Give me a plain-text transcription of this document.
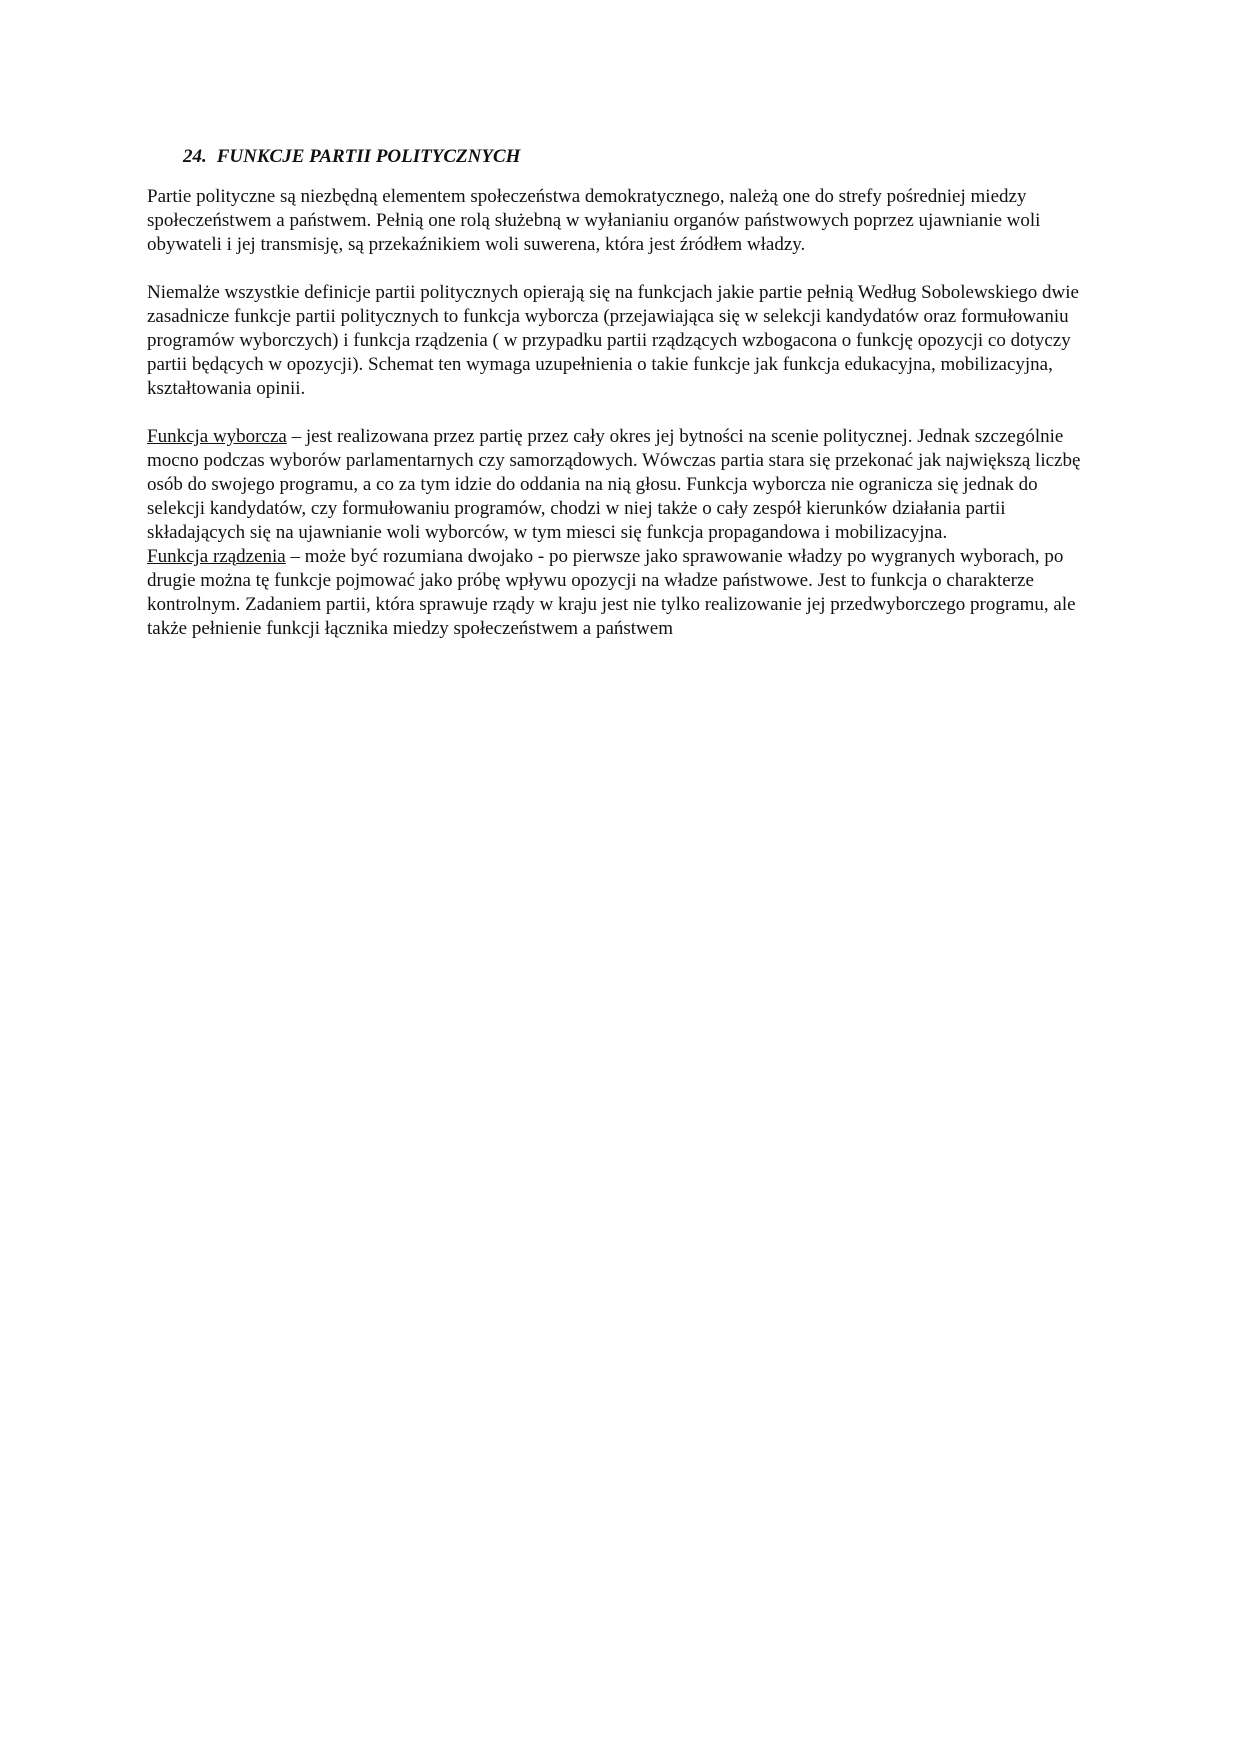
24. FUNKCJE PARTII POLITYCZNYCH

Partie polityczne są niezbędną elementem społeczeństwa demokratycznego, należą one do strefy pośredniej miedzy społeczeństwem a państwem. Pełnią one rolą służebną w wyłanianiu organów państwowych poprzez ujawnianie woli obywateli i jej transmisję, są przekaźnikiem woli suwerena, która jest źródłem władzy.

Niemalże wszystkie definicje partii politycznych opierają się na funkcjach jakie partie pełnią Według Sobolewskiego dwie zasadnicze funkcje partii politycznych to funkcja wyborcza (przejawiająca się w selekcji kandydatów oraz formułowaniu programów wyborczych) i funkcja rządzenia ( w przypadku partii rządzących wzbogacona o funkcję opozycji co dotyczy partii będących w opozycji). Schemat ten wymaga uzupełnienia o takie funkcje jak funkcja edukacyjna, mobilizacyjna, kształtowania opinii.

Funkcja wyborcza – jest realizowana przez partię przez cały okres jej bytności na scenie politycznej. Jednak szczególnie mocno podczas wyborów parlamentarnych czy samorządowych. Wówczas partia stara się przekonać jak największą liczbę osób do swojego programu, a co za tym idzie do oddania na nią głosu. Funkcja wyborcza nie ogranicza się jednak do selekcji kandydatów, czy formułowaniu programów, chodzi w niej także o cały zespół kierunków działania partii składających się na ujawnianie woli wyborców, w tym miesci się funkcja propagandowa i mobilizacyjna.

Funkcja rządzenia – może być rozumiana dwojako - po pierwsze jako sprawowanie władzy po wygranych wyborach, po drugie można tę funkcje pojmować jako próbę wpływu opozycji na władze państwowe. Jest to funkcja o charakterze kontrolnym. Zadaniem partii, która sprawuje rządy w kraju jest nie tylko realizowanie jej przedwyborczego programu, ale także pełnienie funkcji łącznika miedzy społeczeństwem a państwem
